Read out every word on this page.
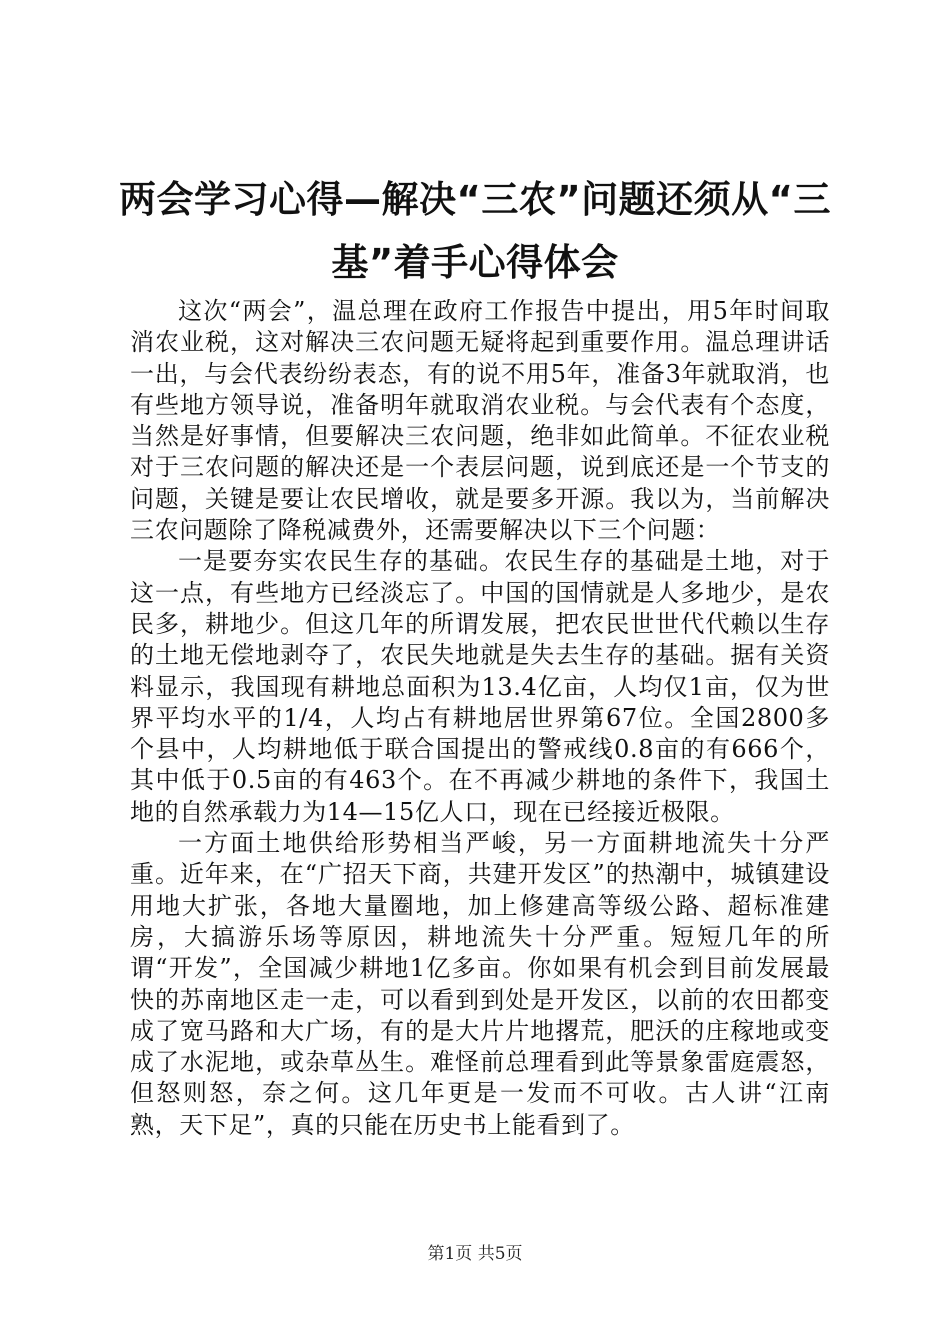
两会学习心得—解决“三农”问题还须从“三基”着手心得体会

这次“两会”，温总理在政府工作报告中提出，用5年时间取消农业税，这对解决三农问题无疑将起到重要作用。温总理讲话一出，与会代表纷纷表态，有的说不用5年，准备3年就取消，也有些地方领导说，准备明年就取消农业税。与会代表有个态度，当然是好事情，但要解决三农问题，绝非如此简单。不征农业税对于三农问题的解决还是一个表层问题，说到底还是一个节支的问题，关键是要让农民增收，就是要多开源。我以为，当前解决三农问题除了降税减费外，还需要解决以下三个问题：

一是要夯实农民生存的基础。农民生存的基础是土地，对于这一点，有些地方已经淡忘了。中国的国情就是人多地少，是农民多，耕地少。但这几年的所谓发展，把农民世世代代赖以生存的土地无偿地剥夺了，农民失地就是失去生存的基础。据有关资料显示，我国现有耕地总面积为13.4亿亩，人均仅1亩，仅为世界平均水平的1/4，人均占有耕地居世界第67位。全国2800多个县中，人均耕地低于联合国提出的警戒线0.8亩的有666个，其中低于0.5亩的有463个。在不再减少耕地的条件下，我国土地的自然承载力为14—15亿人口，现在已经接近极限。

一方面土地供给形势相当严峻，另一方面耕地流失十分严重。近年来，在“广招天下商，共建开发区”的热潮中，城镇建设用地大扩张，各地大量圈地，加上修建高等级公路、超标准建房，大搞游乐场等原因，耕地流失十分严重。短短几年的所谓“开发”，全国减少耕地1亿多亩。你如果有机会到目前发展最快的苏南地区走一走，可以看到到处是开发区，以前的农田都变成了宽马路和大广场，有的是大片片地撂荒，肥沃的庄稼地或变成了水泥地，或杂草丛生。难怪前总理看到此等景象雷庭震怒，但怒则怒，奈之何。这几年更是一发而不可收。古人讲“江南熟，天下足”，真的只能在历史书上能看到了。

第1页 共5页
